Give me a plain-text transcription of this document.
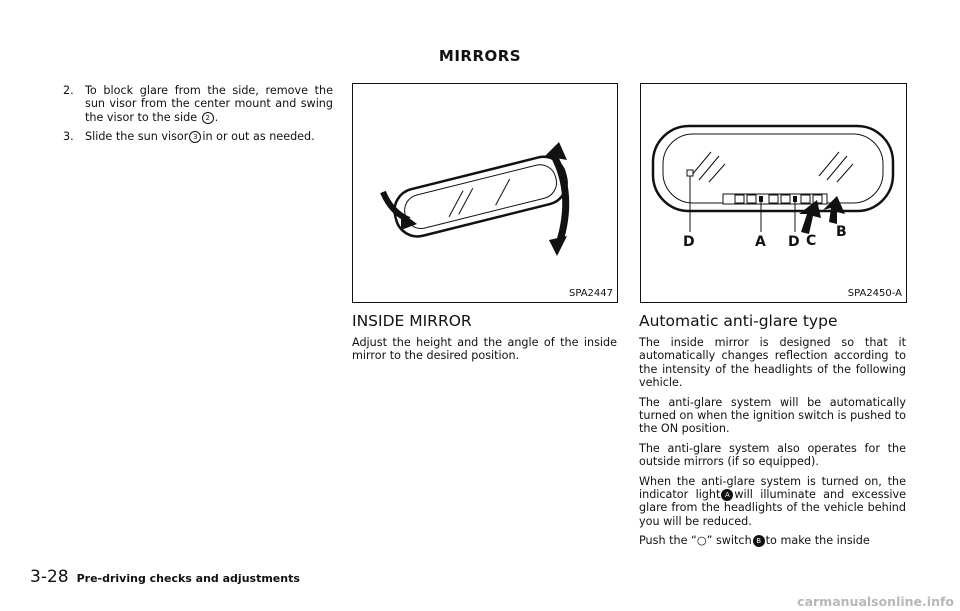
MIRRORS
2.	To block glare from the side, remove the sun visor from the center mount and swing the visor to the side 2 .
3.	Slide the sun visor 3 in or out as needed.
SPA2447
D	A D C
B
SPA2450-A
INSIDE MIRROR

Adjust the height and the angle of the inside mirror to the desired position.

Automatic anti-glare type

The inside mirror is designed so that it automatically changes reflection according to the intensity of the headlights of the following vehicle.

The anti-glare system will be automatically turned on when the ignition switch is pushed to the ON position.

The anti-glare system also operates for the outside mirrors (if so equipped).

When the anti-glare system is turned on, the indicator light A will illuminate and excessive glare from the headlights of the vehicle behind you will be reduced.

Push the “○” switch B to make the inside

3-28 Pre-driving checks and adjustments
carmanualsonline.info
